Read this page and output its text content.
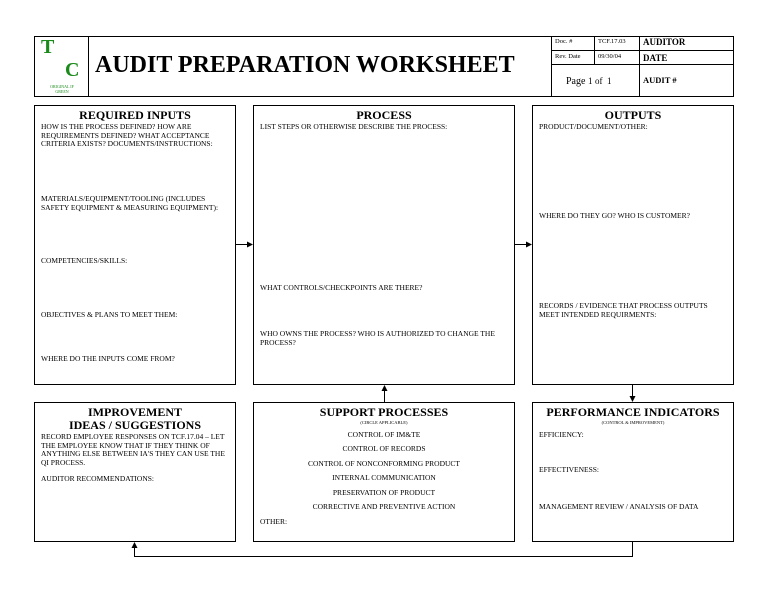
T
C
ORIGINAL IF GREEN
AUDIT PREPARATION WORKSHEET
Doc. #	TCF.17.03
Rev. Date	09/30/04
Page 1 of 1
AUDITOR
DATE
AUDIT #
REQUIRED INPUTS
HOW IS THE PROCESS DEFINED? HOW ARE REQUIREMENTS DEFINED? WHAT ACCEPTANCE CRITERIA EXISTS? DOCUMENTS/INSTRUCTIONS:
MATERIALS/EQUIPMENT/TOOLING (INCLUDES SAFETY EQUIPMENT & MEASURING EQUIPMENT):
COMPETENCIES/SKILLS:
OBJECTIVES & PLANS TO MEET THEM:
WHERE DO THE INPUTS COME FROM?
PROCESS
LIST STEPS OR OTHERWISE DESCRIBE THE PROCESS:
WHAT CONTROLS/CHECKPOINTS ARE THERE?
WHO OWNS THE PROCESS? WHO IS AUTHORIZED TO CHANGE THE PROCESS?
OUTPUTS
PRODUCT/DOCUMENT/OTHER:
WHERE DO THEY GO? WHO IS CUSTOMER?
RECORDS / EVIDENCE THAT PROCESS OUTPUTS MEET INTENDED REQUIRMENTS:
IMPROVEMENT
IDEAS / SUGGESTIONS
RECORD EMPLOYEE RESPONSES ON TCF.17.04 – LET THE EMPLOYEE KNOW THAT IF THEY THINK OF ANYTHING ELSE BETWEEN IA'S THEY CAN USE THE QI PROCESS.
AUDITOR RECOMMENDATIONS:
SUPPORT PROCESSES
(CIRCLE APPLICABLE)
CONTROL OF IM&TE
CONTROL OF RECORDS
CONTROL OF NONCONFORMING PRODUCT
INTERNAL COMMUNICATION
PRESERVATION OF PRODUCT
CORRECTIVE AND PREVENTIVE ACTION
OTHER:
PERFORMANCE INDICATORS
(CONTROL & IMPROVEMENT)
EFFICIENCY:
EFFECTIVENESS:
MANAGEMENT REVIEW / ANALYSIS OF DATA
